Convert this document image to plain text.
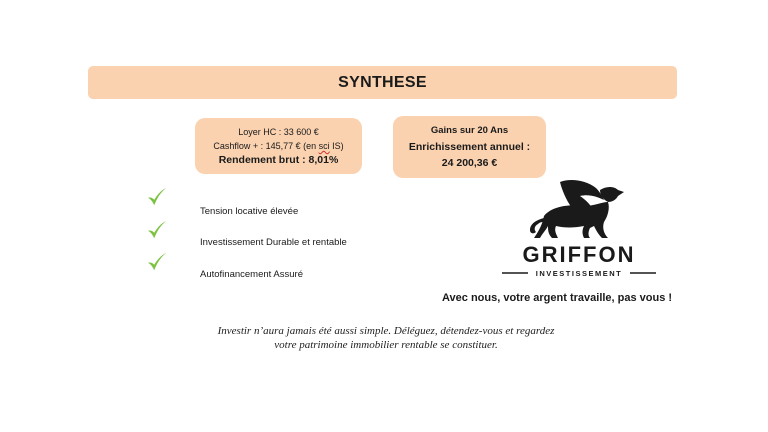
SYNTHESE
Loyer HC : 33 600 €
Cashflow + : 145,77 € (en sci IS)
Rendement brut : 8,01%
Gains sur 20 Ans
Enrichissement annuel :
24 200,36 €
Tension locative élevée
Investissement Durable et rentable
Autofinancement Assuré
GRIFFON
INVESTISSEMENT
Avec nous, votre argent travaille, pas vous !
Investir n’aura jamais été aussi simple. Déléguez, détendez-vous et regardez
votre patrimoine immobilier rentable se constituer.
